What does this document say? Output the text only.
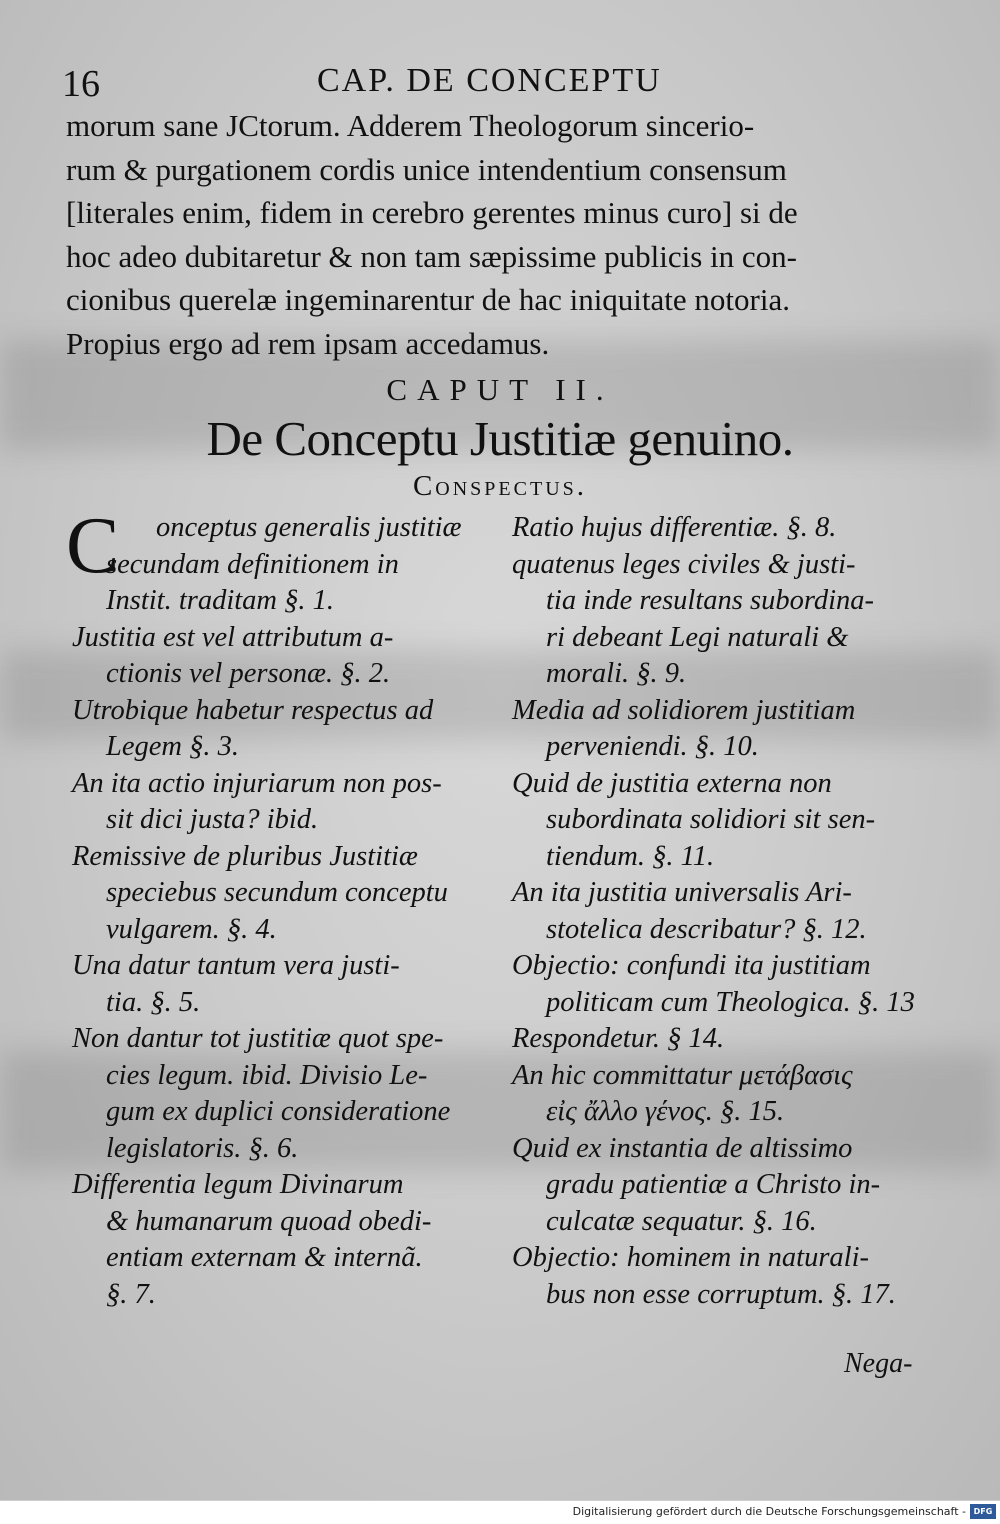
16	CAP. DE CONCEPTU
morum sane JCtorum. Adderem Theologorum sincerio-
rum & purgationem cordis unice intendentium consensum
[literales enim, fidem in cerebro gerentes minus curo] si de
hoc adeo dubitaretur & non tam sæpissime publicis in con-
cionibus querelæ ingeminarentur de hac iniquitate notoria.
Propius ergo ad rem ipsam accedamus.
CAPUT II.
De Conceptu Justitiæ genuino.
Conspectus.
C	onceptus generalis justitiæ
secundam definitionem in
Instit. traditam §. 1.
Justitia est vel attributum a-
ctionis vel personæ. §. 2.
Utrobique habetur respectus ad
Legem §. 3.
An ita actio injuriarum non pos-
sit dici justa? ibid.
Remissive de pluribus Justitiæ
speciebus secundum conceptu
vulgarem. §. 4.
Una datur tantum vera justi-
tia. §. 5.
Non dantur tot justitiæ quot spe-
cies legum. ibid. Divisio Le-
gum ex duplici consideratione
legislatoris. §. 6.
Differentia legum Divinarum
& humanarum quoad obedi-
entiam externam & internã.
§. 7.
Ratio hujus differentiæ. §. 8.
quatenus leges civiles & justi-
tia inde resultans subordina-
ri debeant Legi naturali &
morali. §. 9.
Media ad solidiorem justitiam
perveniendi. §. 10.
Quid de justitia externa non
subordinata solidiori sit sen-
tiendum. §. 11.
An ita justitia universalis Ari-
stotelica describatur? §. 12.
Objectio: confundi ita justitiam
politicam cum Theologica. §. 13
Respondetur. § 14.
An hic committatur μετάβασις
εἰς ἄλλο γένος. §. 15.
Quid ex instantia de altissimo
gradu patientiæ a Christo in-
culcatæ sequatur. §. 16.
Objectio: hominem in naturali-
bus non esse corruptum. §. 17.
Nega-
Digitalisierung gefördert durch die Deutsche Forschungsgemeinschaft - DFG
